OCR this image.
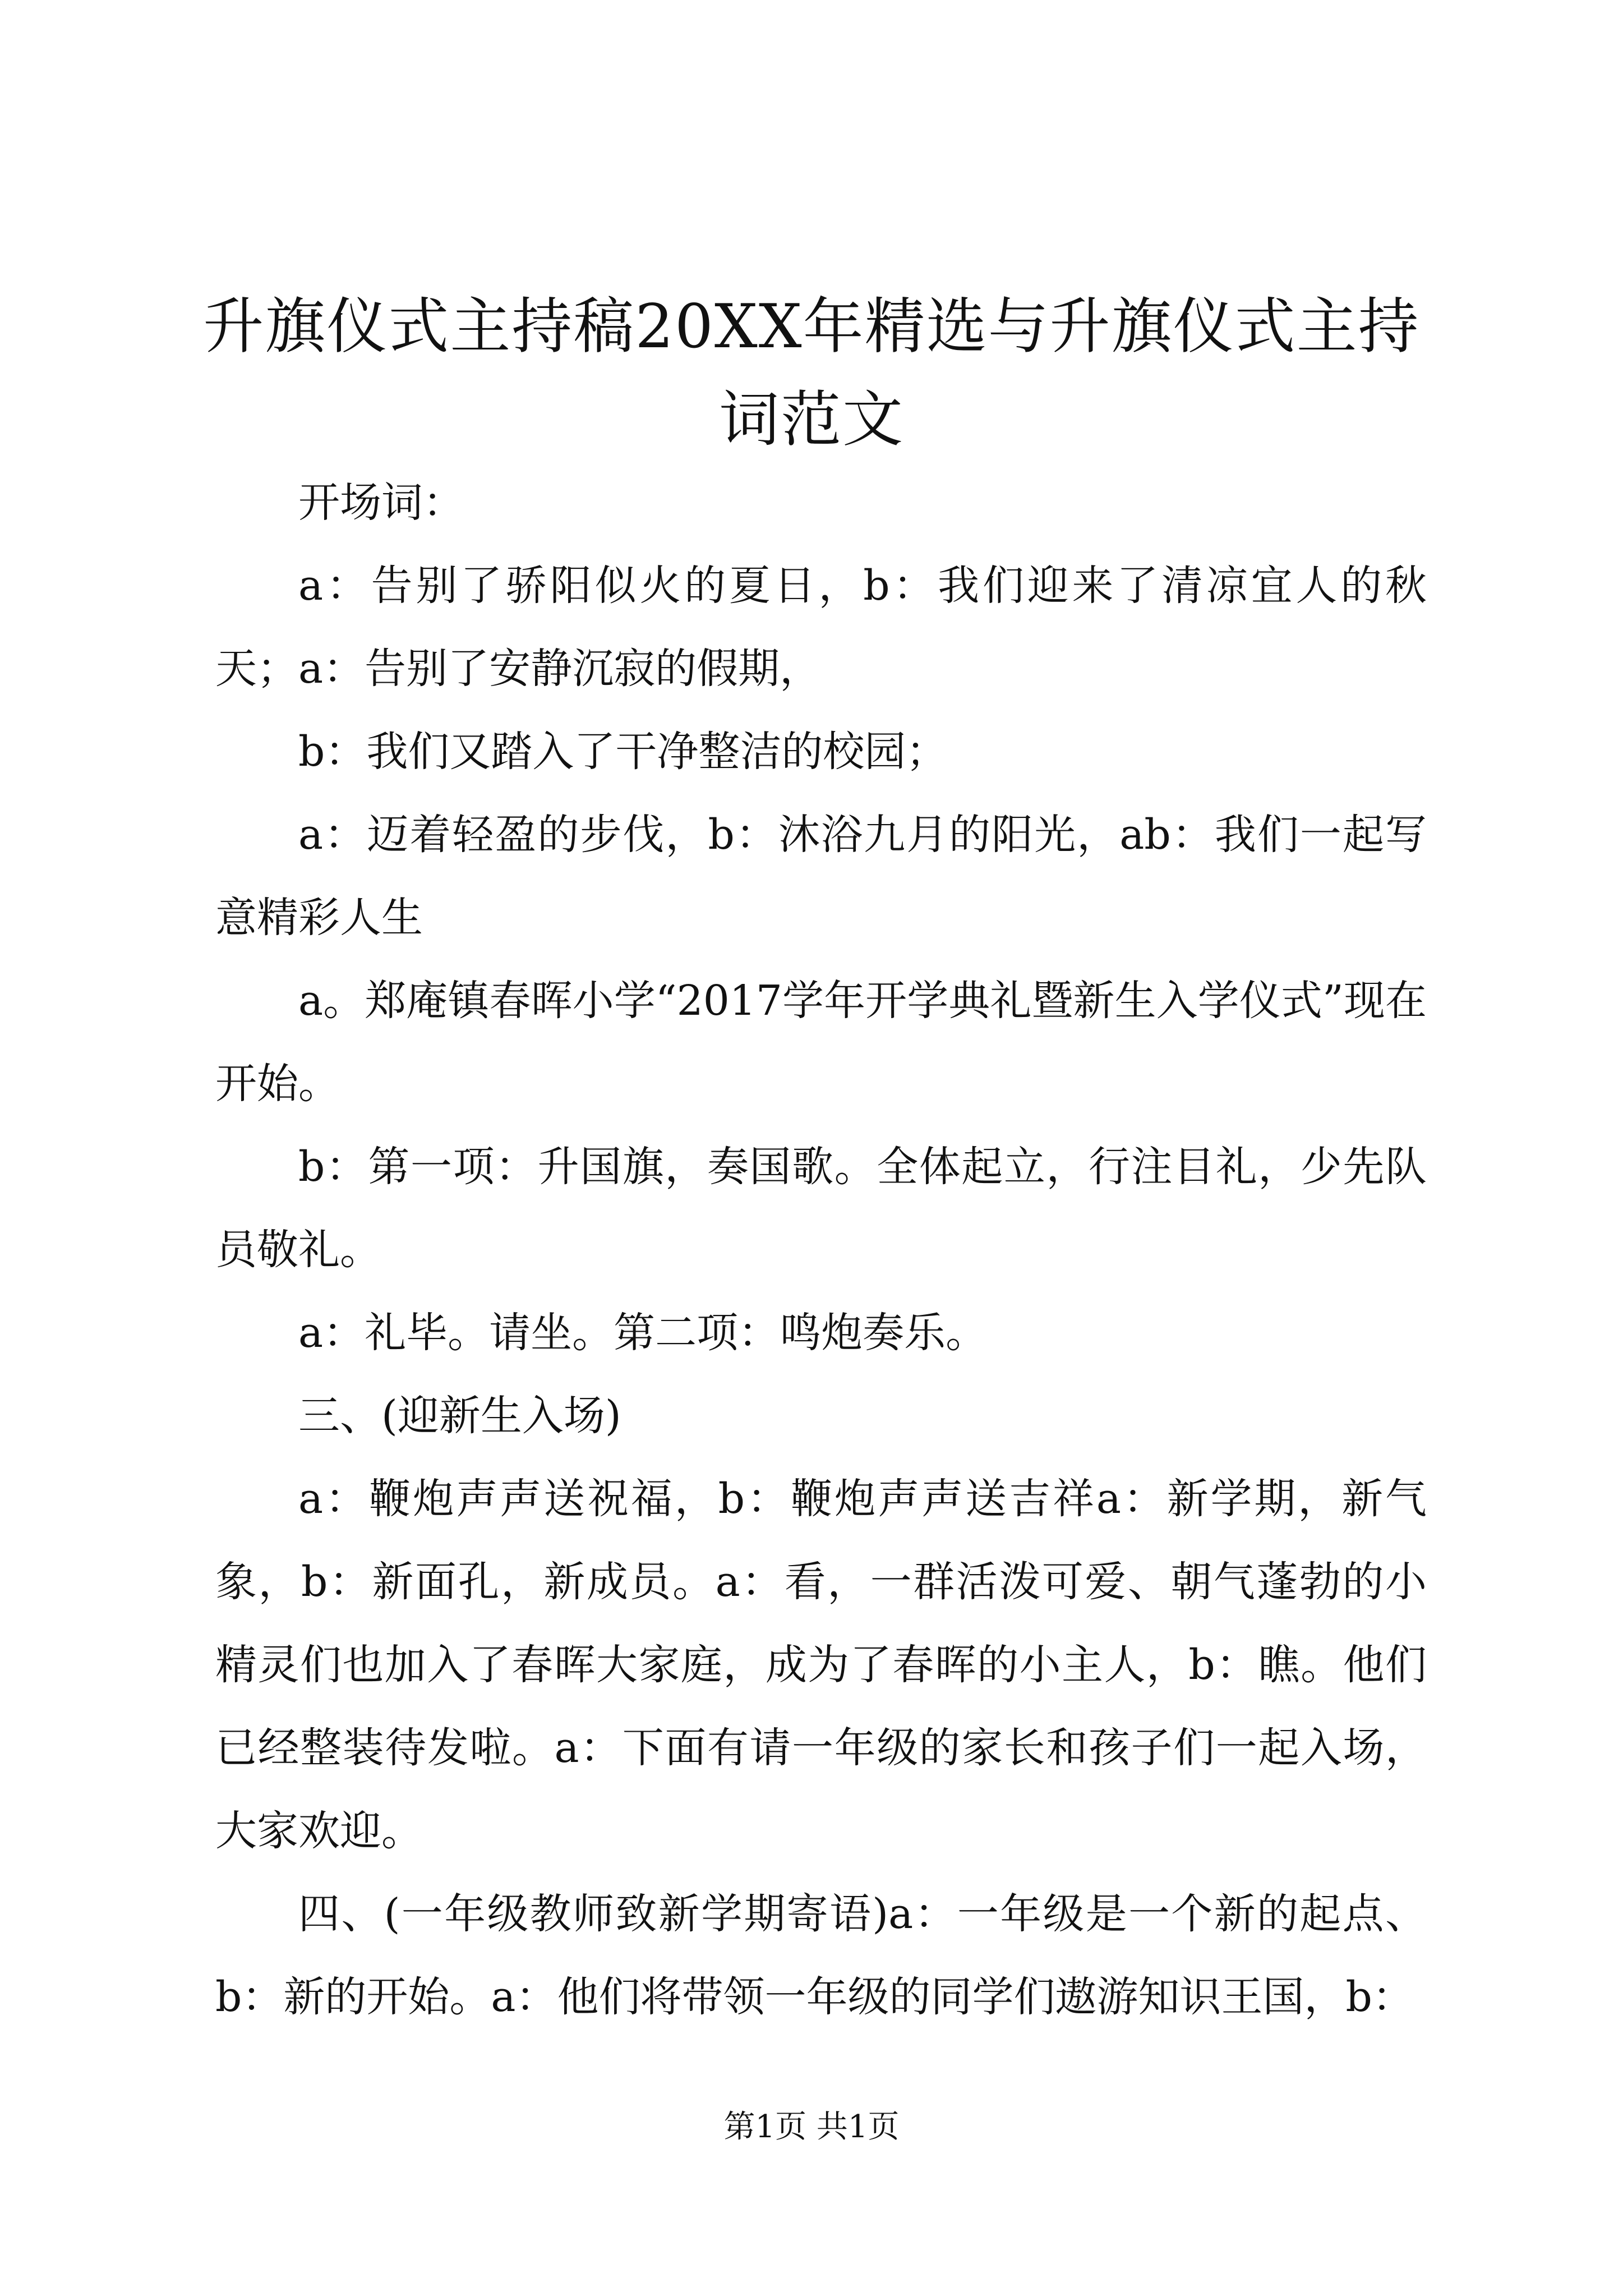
升旗仪式主持稿20XX年精选与升旗仪式主持词范文

开场词：

a：告别了骄阳似火的夏日，b：我们迎来了清凉宜人的秋天；a：告别了安静沉寂的假期，

b：我们又踏入了干净整洁的校园；

a：迈着轻盈的步伐，b：沐浴九月的阳光，ab：我们一起写意精彩人生

a。郑庵镇春晖小学“2017学年开学典礼暨新生入学仪式”现在开始。

b：第一项：升国旗，奏国歌。全体起立，行注目礼，少先队员敬礼。

a：礼毕。请坐。第二项：鸣炮奏乐。

三、(迎新生入场)

a：鞭炮声声送祝福，b：鞭炮声声送吉祥a：新学期，新气象，b：新面孔，新成员。a：看，一群活泼可爱、朝气蓬勃的小精灵们也加入了春晖大家庭，成为了春晖的小主人，b：瞧。他们已经整装待发啦。a：下面有请一年级的家长和孩子们一起入场，大家欢迎。

四、(一年级教师致新学期寄语)a：一年级是一个新的起点、b：新的开始。a：他们将带领一年级的同学们遨游知识王国，b：

第1页 共1页
